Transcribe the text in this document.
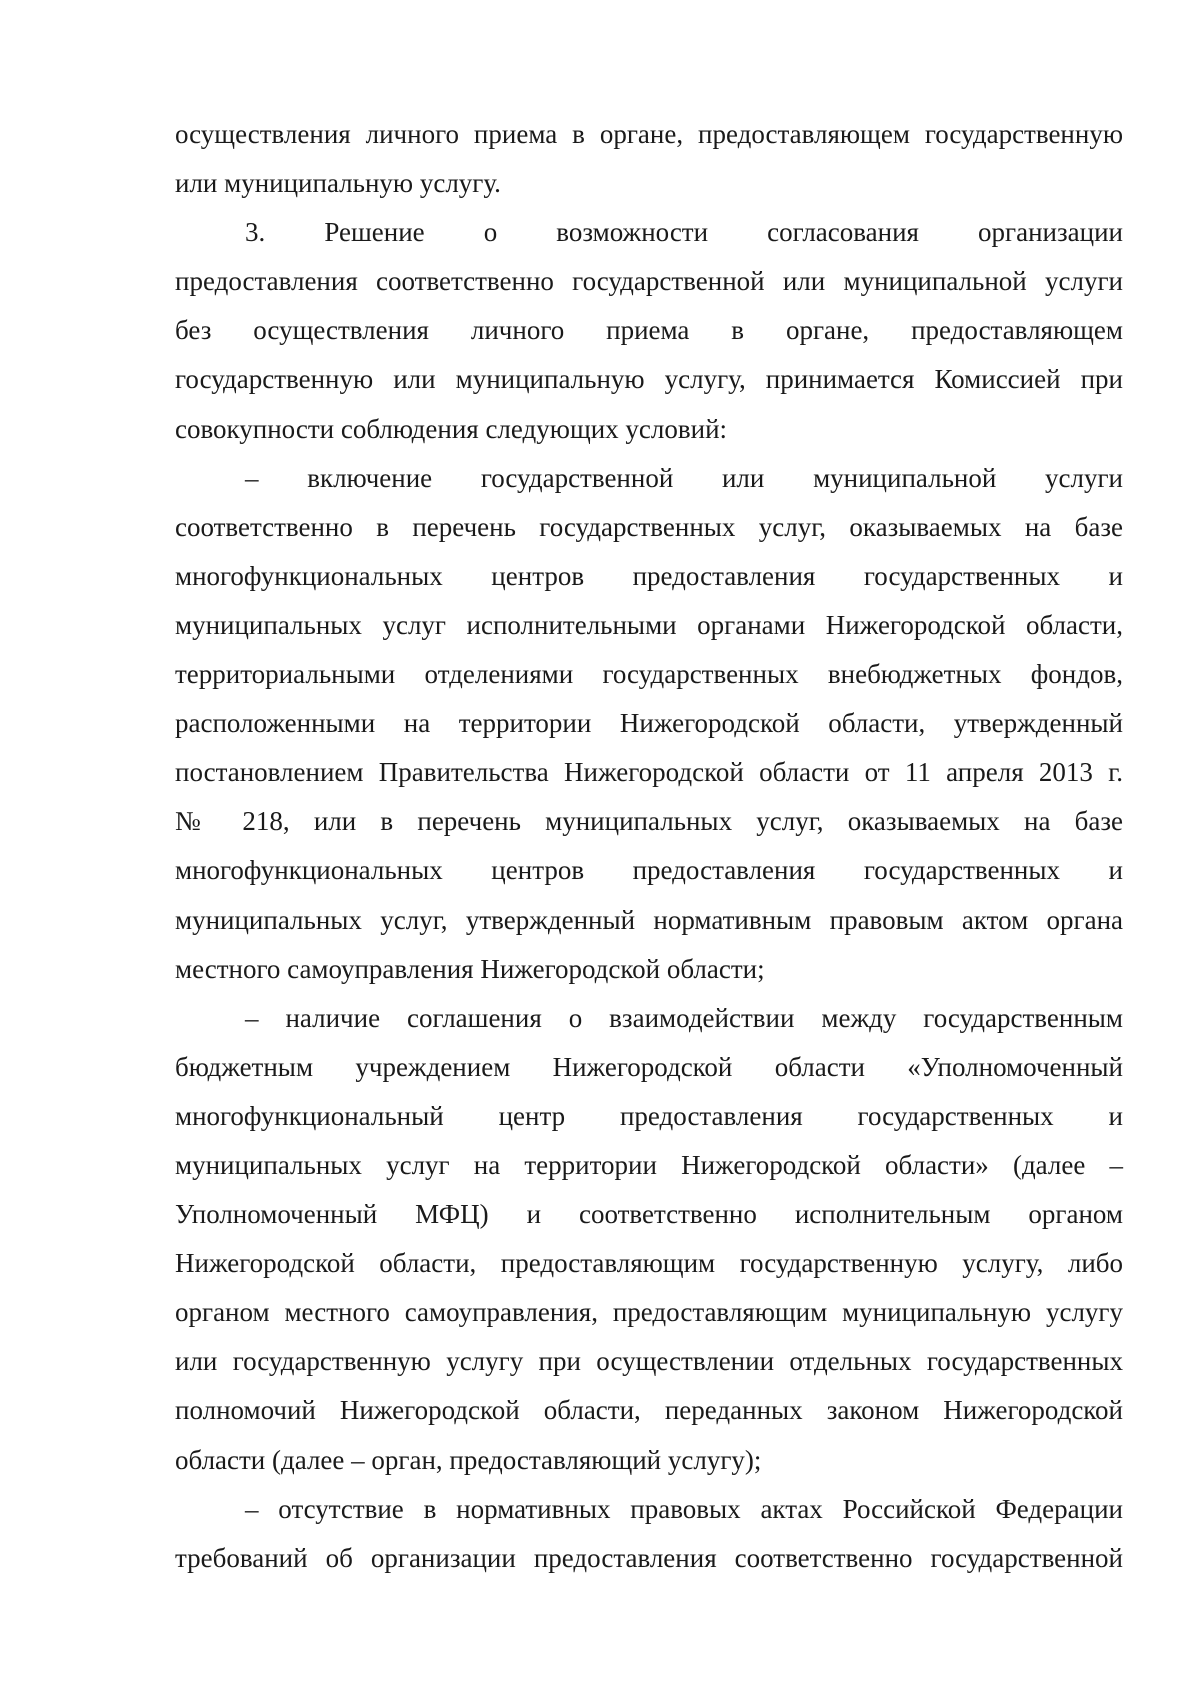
осуществления личного приема в органе, предоставляющем государственную
или муниципальную услугу.
3. Решение о возможности согласования организации
предоставления соответственно государственной или муниципальной услуги
без осуществления личного приема в органе, предоставляющем
государственную или муниципальную услугу, принимается Комиссией при
совокупности соблюдения следующих условий:
– включение государственной или муниципальной услуги
соответственно в перечень государственных услуг, оказываемых на базе
многофункциональных центров предоставления государственных и
муниципальных услуг исполнительными органами Нижегородской области,
территориальными отделениями государственных внебюджетных фондов,
расположенными на территории Нижегородской области, утвержденный
постановлением Правительства Нижегородской области от 11 апреля 2013 г.
№ 218, или в перечень муниципальных услуг, оказываемых на базе
многофункциональных центров предоставления государственных и
муниципальных услуг, утвержденный нормативным правовым актом органа
местного самоуправления Нижегородской области;
– наличие соглашения о взаимодействии между государственным
бюджетным учреждением Нижегородской области «Уполномоченный
многофункциональный центр предоставления государственных и
муниципальных услуг на территории Нижегородской области» (далее –
Уполномоченный МФЦ) и соответственно исполнительным органом
Нижегородской области, предоставляющим государственную услугу, либо
органом местного самоуправления, предоставляющим муниципальную услугу
или государственную услугу при осуществлении отдельных государственных
полномочий Нижегородской области, переданных законом Нижегородской
области (далее – орган, предоставляющий услугу);
– отсутствие в нормативных правовых актах Российской Федерации
требований об организации предоставления соответственно государственной
